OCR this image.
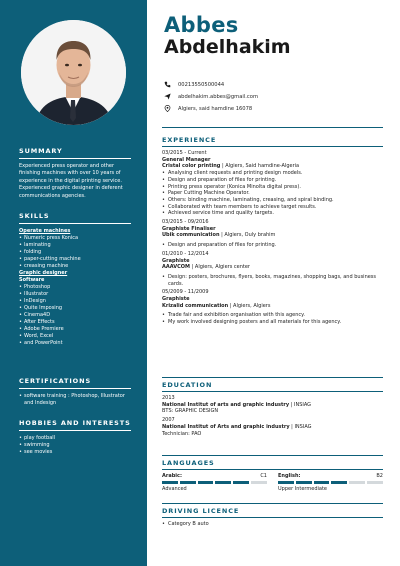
SUMMARY
Experienced press operator and other finishing machines with over 10 years of experience in the digital printing service. Experienced graphic designer in deferent communications agencies.
SKILLS
Operate machines
• Numeric press Konica
• laminating
• folding
• paper-cutting machine
• creasing machine
Graphic designer
Software
• Photoshop
• Illustrator
• InDesign
• Quite Imposing
• Cinema4D
• After Effects
• Adobe Premiere
• Word, Excel
• and PowerPoint
CERTIFICATIONS
• software training : Photoshop, Illustrator and Indesign
HOBBIES AND INTERESTS
• play football
• swimming
• see movies
Abbes
Abdelhakim
00213550500044
abdelhakim.abbes@gmail.com
Algiers, said hamdine 16078
EXPERIENCE
03/2015 - Current
General Manager
Cristal color printing | Algiers, Said hamdine-Algeria
• Analysing client requests and printing design models.
• Design and preparation of files for printing.
• Printing press operator (Konica Minolta digital press).
• Paper Cutting Machine Operator.
• Others: binding machine, laminating, creasing, and spiral binding.
• Collaborated with team members to achieve target results.
• Achieved service time and quality targets.
03/2015 - 09/2016
Graphiste Finaliser
Ubik communication | Algiers, Ouly brahim
• Design and preparation of files for printing.
01/2010 - 12/2014
Graphiste
AAAVCOM | Algiers, Algiers center
• Design: posters, brochures, flyers, books, magazines, shopping bags, and business cards.
05/2009 - 11/2009
Graphiste
Krizalid communication | Algiers, Algiers
• Trade fair and exhibition organisation with this agency.
• My work involved designing posters and all materials for this agency.
EDUCATION
2013
National Institut of arts and graphic industry | INSIAG
BTS: GRAPHIC DESIGN
2007
National Institut of Arts and graphic industry | INSIAG
Technician: PAO
LANGUAGES
Arabic:	C1
Advanced
English:	B2
Upper Intermediate
DRIVING LICENCE
• Category B auto
